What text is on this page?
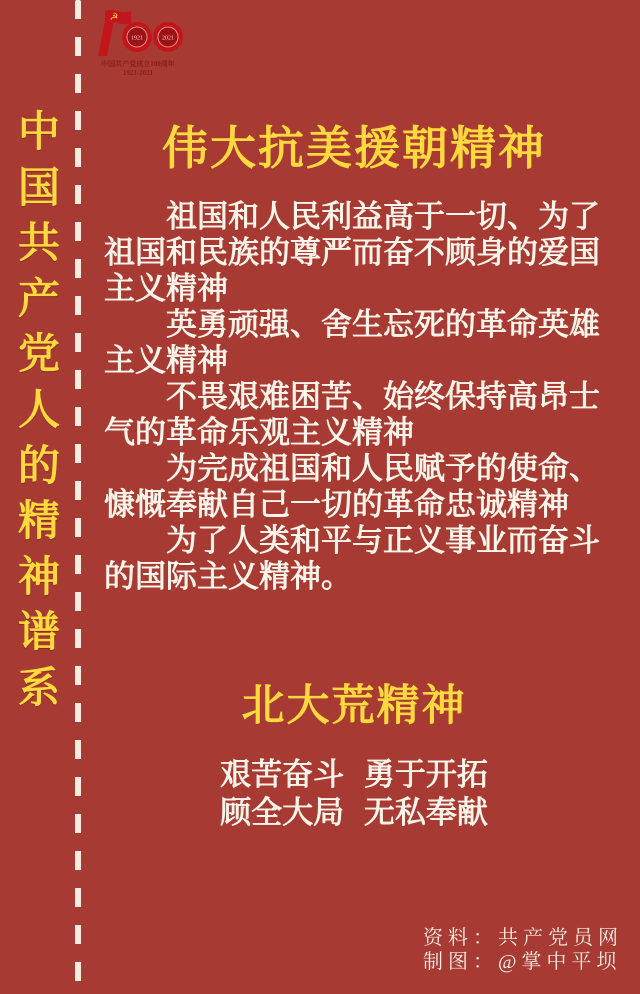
☭
1921	2021
中国共产党成立100周年
1921-2021
中
国
共
产
党
人
的
精
神
谱
系
伟大抗美援朝精神

祖国和人民利益高于一切、为了祖国和民族的尊严而奋不顾身的爱国主义精神

英勇顽强、舍生忘死的革命英雄主义精神

不畏艰难困苦、始终保持高昂士气的革命乐观主义精神

为完成祖国和人民赋予的使命、慷慨奉献自己一切的革命忠诚精神

为了人类和平与正义事业而奋斗的国际主义精神。

北大荒精神
艰苦奋斗 勇于开拓
顾全大局 无私奉献
资料：共产党员网
制图：@掌中平坝
